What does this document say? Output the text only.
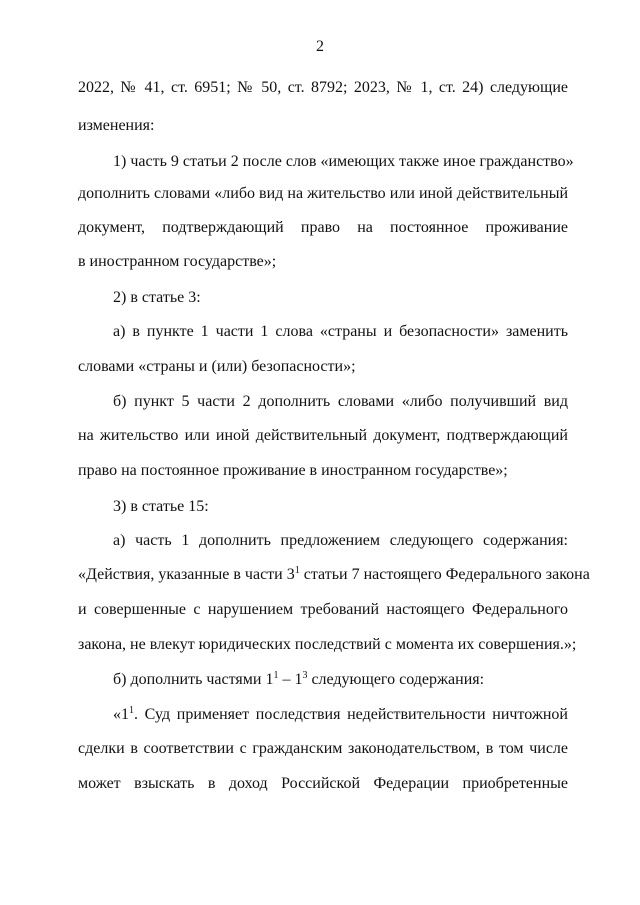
2
2022, № 41, ст. 6951; № 50, ст. 8792; 2023, № 1, ст. 24) следующие
изменения:
1) часть 9 статьи 2 после слов «имеющих также иное гражданство»
дополнить словами «либо вид на жительство или иной действительный
документ, подтверждающий право на постоянное проживание
в иностранном государстве»;
2) в статье 3:
а) в пункте 1 части 1 слова «страны и безопасности» заменить
словами «страны и (или) безопасности»;
б) пункт 5 части 2 дополнить словами «либо получивший вид
на жительство или иной действительный документ, подтверждающий
право на постоянное проживание в иностранном государстве»;
3) в статье 15:
а) часть 1 дополнить предложением следующего содержания:
«Действия, указанные в части $3^1$ статьи 7 настоящего Федерального закона
и совершенные с нарушением требований настоящего Федерального
закона, не влекут юридических последствий с момента их совершения.»;
б) дополнить частями $1^1 - 1^3$ следующего содержания:
«$1^1$. Суд применяет последствия недействительности ничтожной
сделки в соответствии с гражданским законодательством, в том числе
может взыскать в доход Российской Федерации приобретенные
